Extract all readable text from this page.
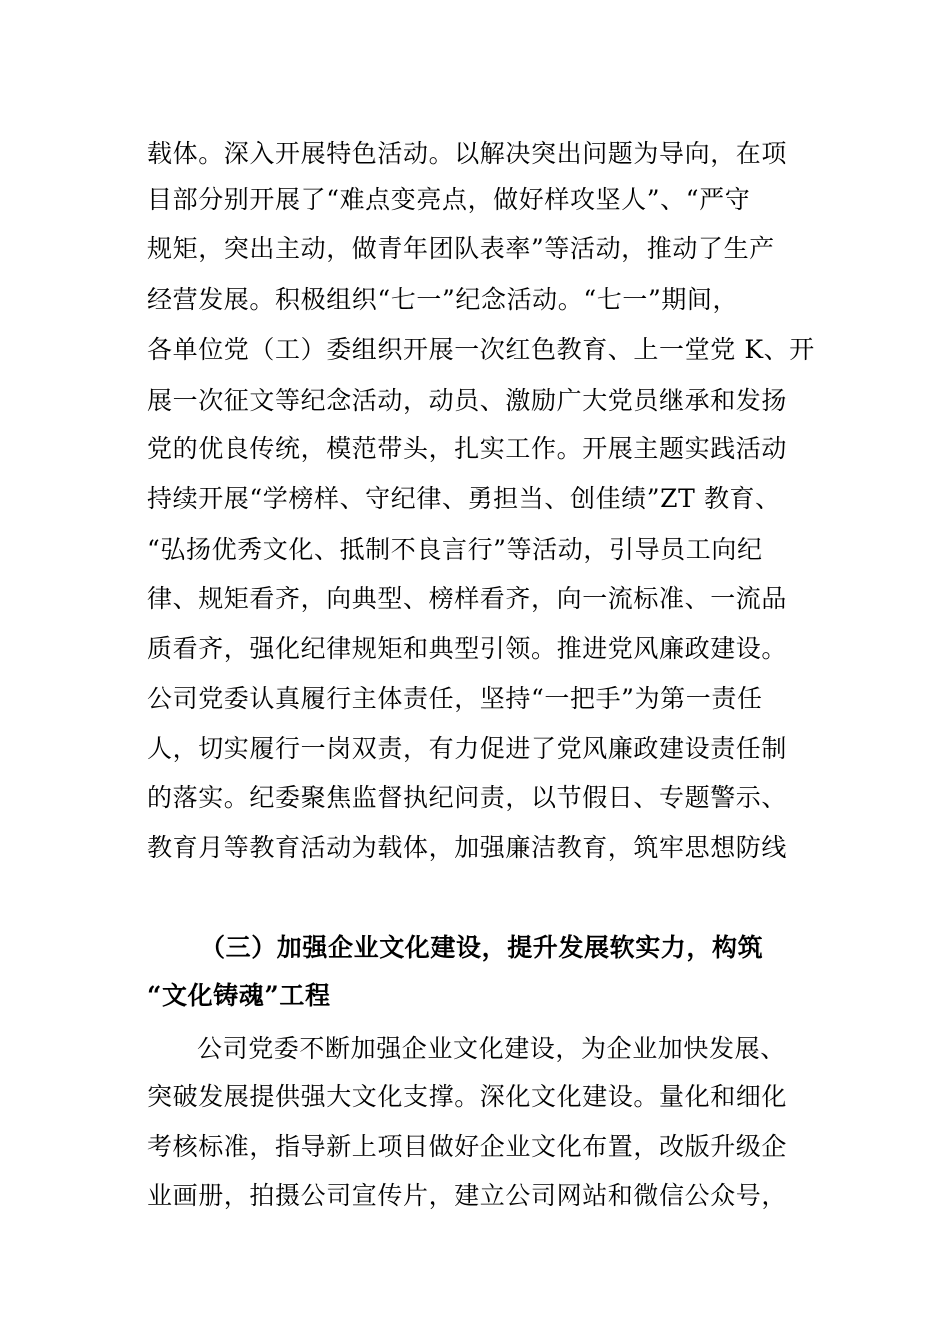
载体。深入开展特色活动。以解决突出问题为导向，在项
目部分别开展了“难点变亮点，做好样攻坚人”、“严守
规矩，突出主动，做青年团队表率”等活动，推动了生产
经营发展。积极组织“七一”纪念活动。“七一”期间，
各单位党（工）委组织开展一次红色教育、上一堂党 K、开
展一次征文等纪念活动，动员、激励广大党员继承和发扬
党的优良传统，模范带头，扎实工作。开展主题实践活动
持续开展“学榜样、守纪律、勇担当、创佳绩”ZT 教育、
“弘扬优秀文化、抵制不良言行”等活动，引导员工向纪
律、规矩看齐，向典型、榜样看齐，向一流标准、一流品
质看齐，强化纪律规矩和典型引领。推进党风廉政建设。
公司党委认真履行主体责任，坚持“一把手”为第一责任
人，切实履行一岗双责，有力促进了党风廉政建设责任制
的落实。纪委聚焦监督执纪问责，以节假日、专题警示、
教育月等教育活动为载体，加强廉洁教育，筑牢思想防线
（三）加强企业文化建设，提升发展软实力，构筑
“文化铸魂”工程
公司党委不断加强企业文化建设，为企业加快发展、
突破发展提供强大文化支撑。深化文化建设。量化和细化
考核标准，指导新上项目做好企业文化布置，改版升级企
业画册，拍摄公司宣传片，建立公司网站和微信公众号，
